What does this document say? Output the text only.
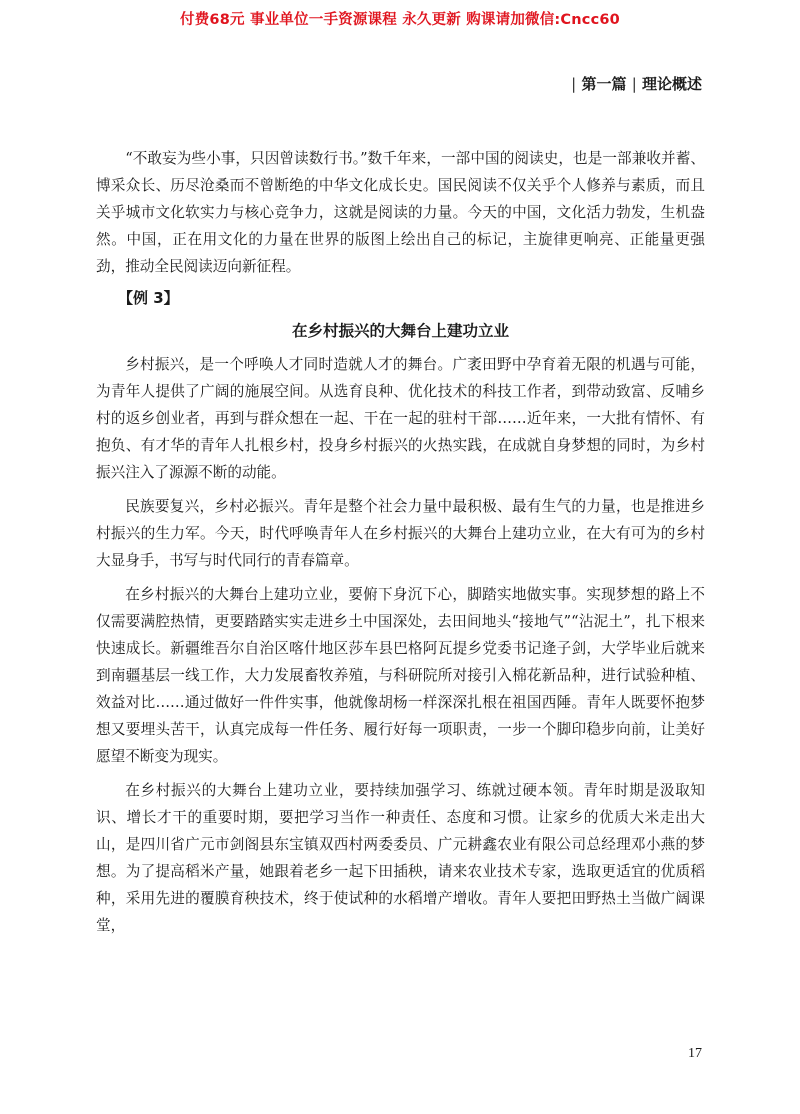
付费68元 事业单位一手资源课程 永久更新 购课请加微信:Cncc60
| 第一篇 | 理论概述

“不敢妄为些小事，只因曾读数行书。”数千年来，一部中国的阅读史，也是一部兼收并蓄、博采众长、历尽沧桑而不曾断绝的中华文化成长史。国民阅读不仅关乎个人修养与素质，而且关乎城市文化软实力与核心竞争力，这就是阅读的力量。今天的中国，文化活力勃发，生机盎然。中国，正在用文化的力量在世界的版图上绘出自己的标记，主旋律更响亮、正能量更强劲，推动全民阅读迈向新征程。

【例 3】
在乡村振兴的大舞台上建功立业

乡村振兴，是一个呼唤人才同时造就人才的舞台。广袤田野中孕育着无限的机遇与可能，为青年人提供了广阔的施展空间。从选育良种、优化技术的科技工作者，到带动致富、反哺乡村的返乡创业者，再到与群众想在一起、干在一起的驻村干部……近年来，一大批有情怀、有抱负、有才华的青年人扎根乡村，投身乡村振兴的火热实践，在成就自身梦想的同时，为乡村振兴注入了源源不断的动能。

民族要复兴，乡村必振兴。青年是整个社会力量中最积极、最有生气的力量，也是推进乡村振兴的生力军。今天，时代呼唤青年人在乡村振兴的大舞台上建功立业，在大有可为的乡村大显身手，书写与时代同行的青春篇章。

在乡村振兴的大舞台上建功立业，要俯下身沉下心，脚踏实地做实事。实现梦想的路上不仅需要满腔热情，更要踏踏实实走进乡土中国深处，去田间地头“接地气”“沾泥土”，扎下根来快速成长。新疆维吾尔自治区喀什地区莎车县巴格阿瓦提乡党委书记逄子剑，大学毕业后就来到南疆基层一线工作，大力发展畜牧养殖，与科研院所对接引入棉花新品种，进行试验种植、效益对比……通过做好一件件实事，他就像胡杨一样深深扎根在祖国西陲。青年人既要怀抱梦想又要埋头苦干，认真完成每一件任务、履行好每一项职责，一步一个脚印稳步向前，让美好愿望不断变为现实。

在乡村振兴的大舞台上建功立业，要持续加强学习、练就过硬本领。青年时期是汲取知识、增长才干的重要时期，要把学习当作一种责任、态度和习惯。让家乡的优质大米走出大山，是四川省广元市剑阁县东宝镇双西村两委委员、广元耕鑫农业有限公司总经理邓小燕的梦想。为了提高稻米产量，她跟着老乡一起下田插秧，请来农业技术专家，选取更适宜的优质稻种，采用先进的覆膜育秧技术，终于使试种的水稻增产增收。青年人要把田野热土当做广阔课堂，

17
